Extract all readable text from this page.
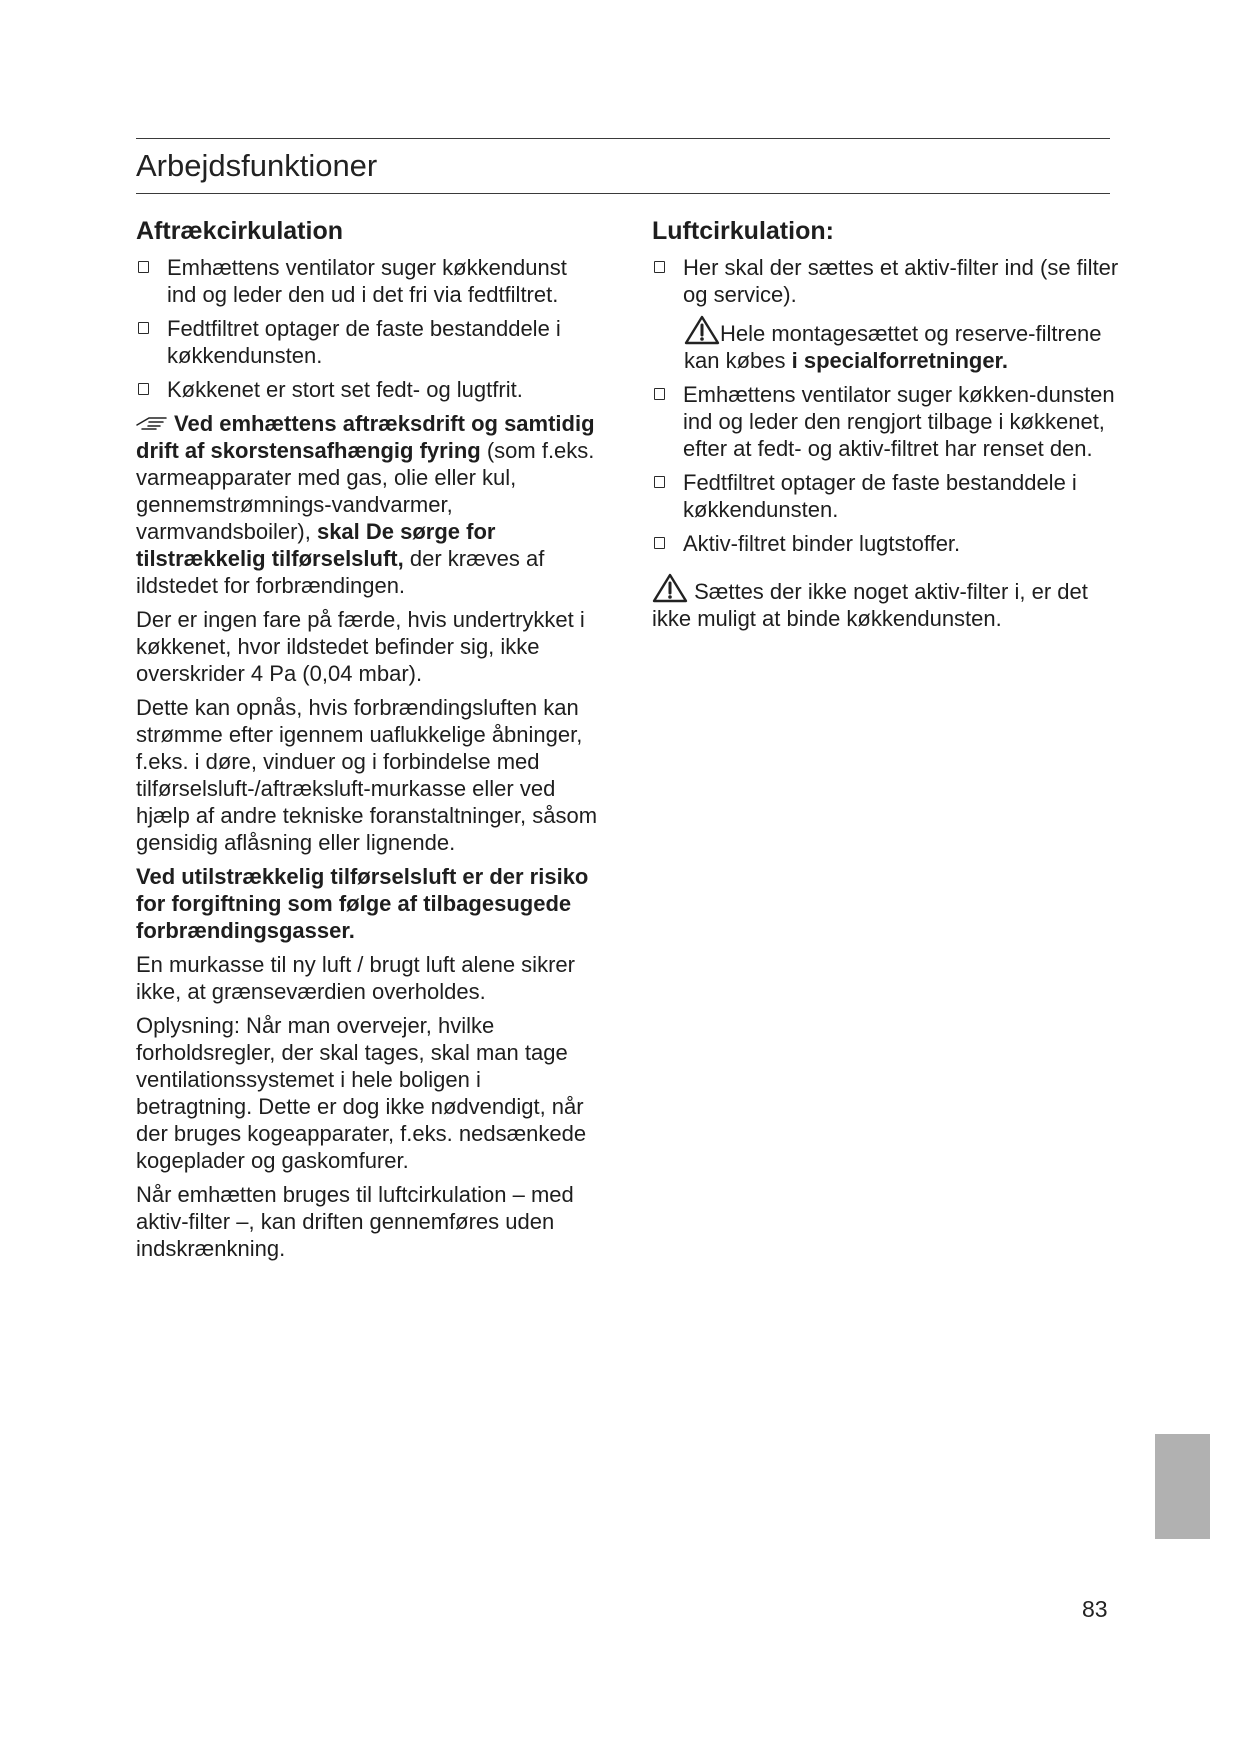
Arbejdsfunktioner
Aftrækcirkulation
Emhættens ventilator suger køkkendunst ind og leder den ud i det fri via fedtfiltret.
Fedtfiltret optager de faste bestanddele i køkkendunsten.
Køkkenet er stort set fedt- og lugtfrit.

Ved emhættens aftræksdrift og samtidig drift af skorstensafhængig fyring (som f.eks. varmeapparater med gas, olie eller kul, gennemstrømnings-vandvarmer, varmvandsboiler), skal De sørge for tilstrækkelig tilførselsluft, der kræves af ildstedet for forbrændingen.

Der er ingen fare på færde, hvis undertrykket i køkkenet, hvor ildstedet befinder sig, ikke overskrider 4 Pa (0,04 mbar).

Dette kan opnås, hvis forbrændingsluften kan strømme efter igennem uaflukkelige åbninger, f.eks. i døre, vinduer og i forbindelse med tilførselsluft-/aftræksluft-murkasse eller ved hjælp af andre tekniske foranstaltninger, såsom gensidig aflåsning eller lignende.

Ved utilstrækkelig tilførselsluft er der risiko for forgiftning som følge af tilbagesugede forbrændingsgasser.

En murkasse til ny luft / brugt luft alene sikrer ikke, at grænseværdien overholdes.

Oplysning: Når man overvejer, hvilke forholdsregler, der skal tages, skal man tage ventilationssystemet i hele boligen i betragtning. Dette er dog ikke nødvendigt, når der bruges kogeapparater, f.eks. nedsænkede kogeplader og gaskomfurer.

Når emhætten bruges til luftcirkulation – med aktiv-filter –, kan driften gennemføres uden indskrænkning.

Luftcirkulation:
Her skal der sættes et aktiv-filter ind (se filter og service).

Hele montagesættet og reserve-filtrene kan købes i specialforretninger.

Emhættens ventilator suger køkken-dunsten ind og leder den rengjort tilbage i køkkenet, efter at fedt- og aktiv-filtret har renset den.
Fedtfiltret optager de faste bestanddele i køkkendunsten.
Aktiv-filtret binder lugtstoffer.

Sættes der ikke noget aktiv-filter i, er det ikke muligt at binde køkkendunsten.

83
